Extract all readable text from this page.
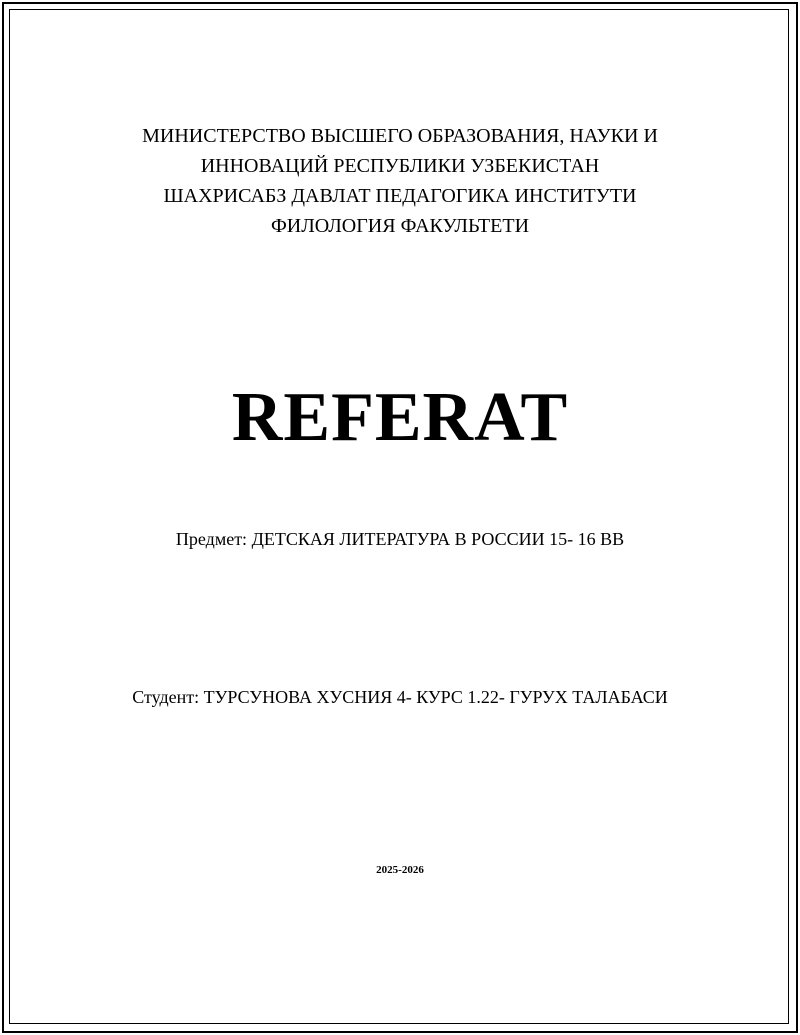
МИНИСТЕРСТВО ВЫСШЕГО ОБРАЗОВАНИЯ, НАУКИ И
ИННОВАЦИЙ РЕСПУБЛИКИ УЗБЕКИСТАН
ШАХРИСАБЗ ДАВЛАТ ПЕДАГОГИКА ИНСТИТУТИ
ФИЛОЛОГИЯ ФАКУЛЬТЕТИ
REFERAT
Предмет: ДЕТСКАЯ ЛИТЕРАТУРА В РОССИИ 15- 16 ВВ
Студент: ТУРСУНОВА ХУСНИЯ 4- КУРС 1.22- ГУРУХ ТАЛАБАСИ
2025-2026
